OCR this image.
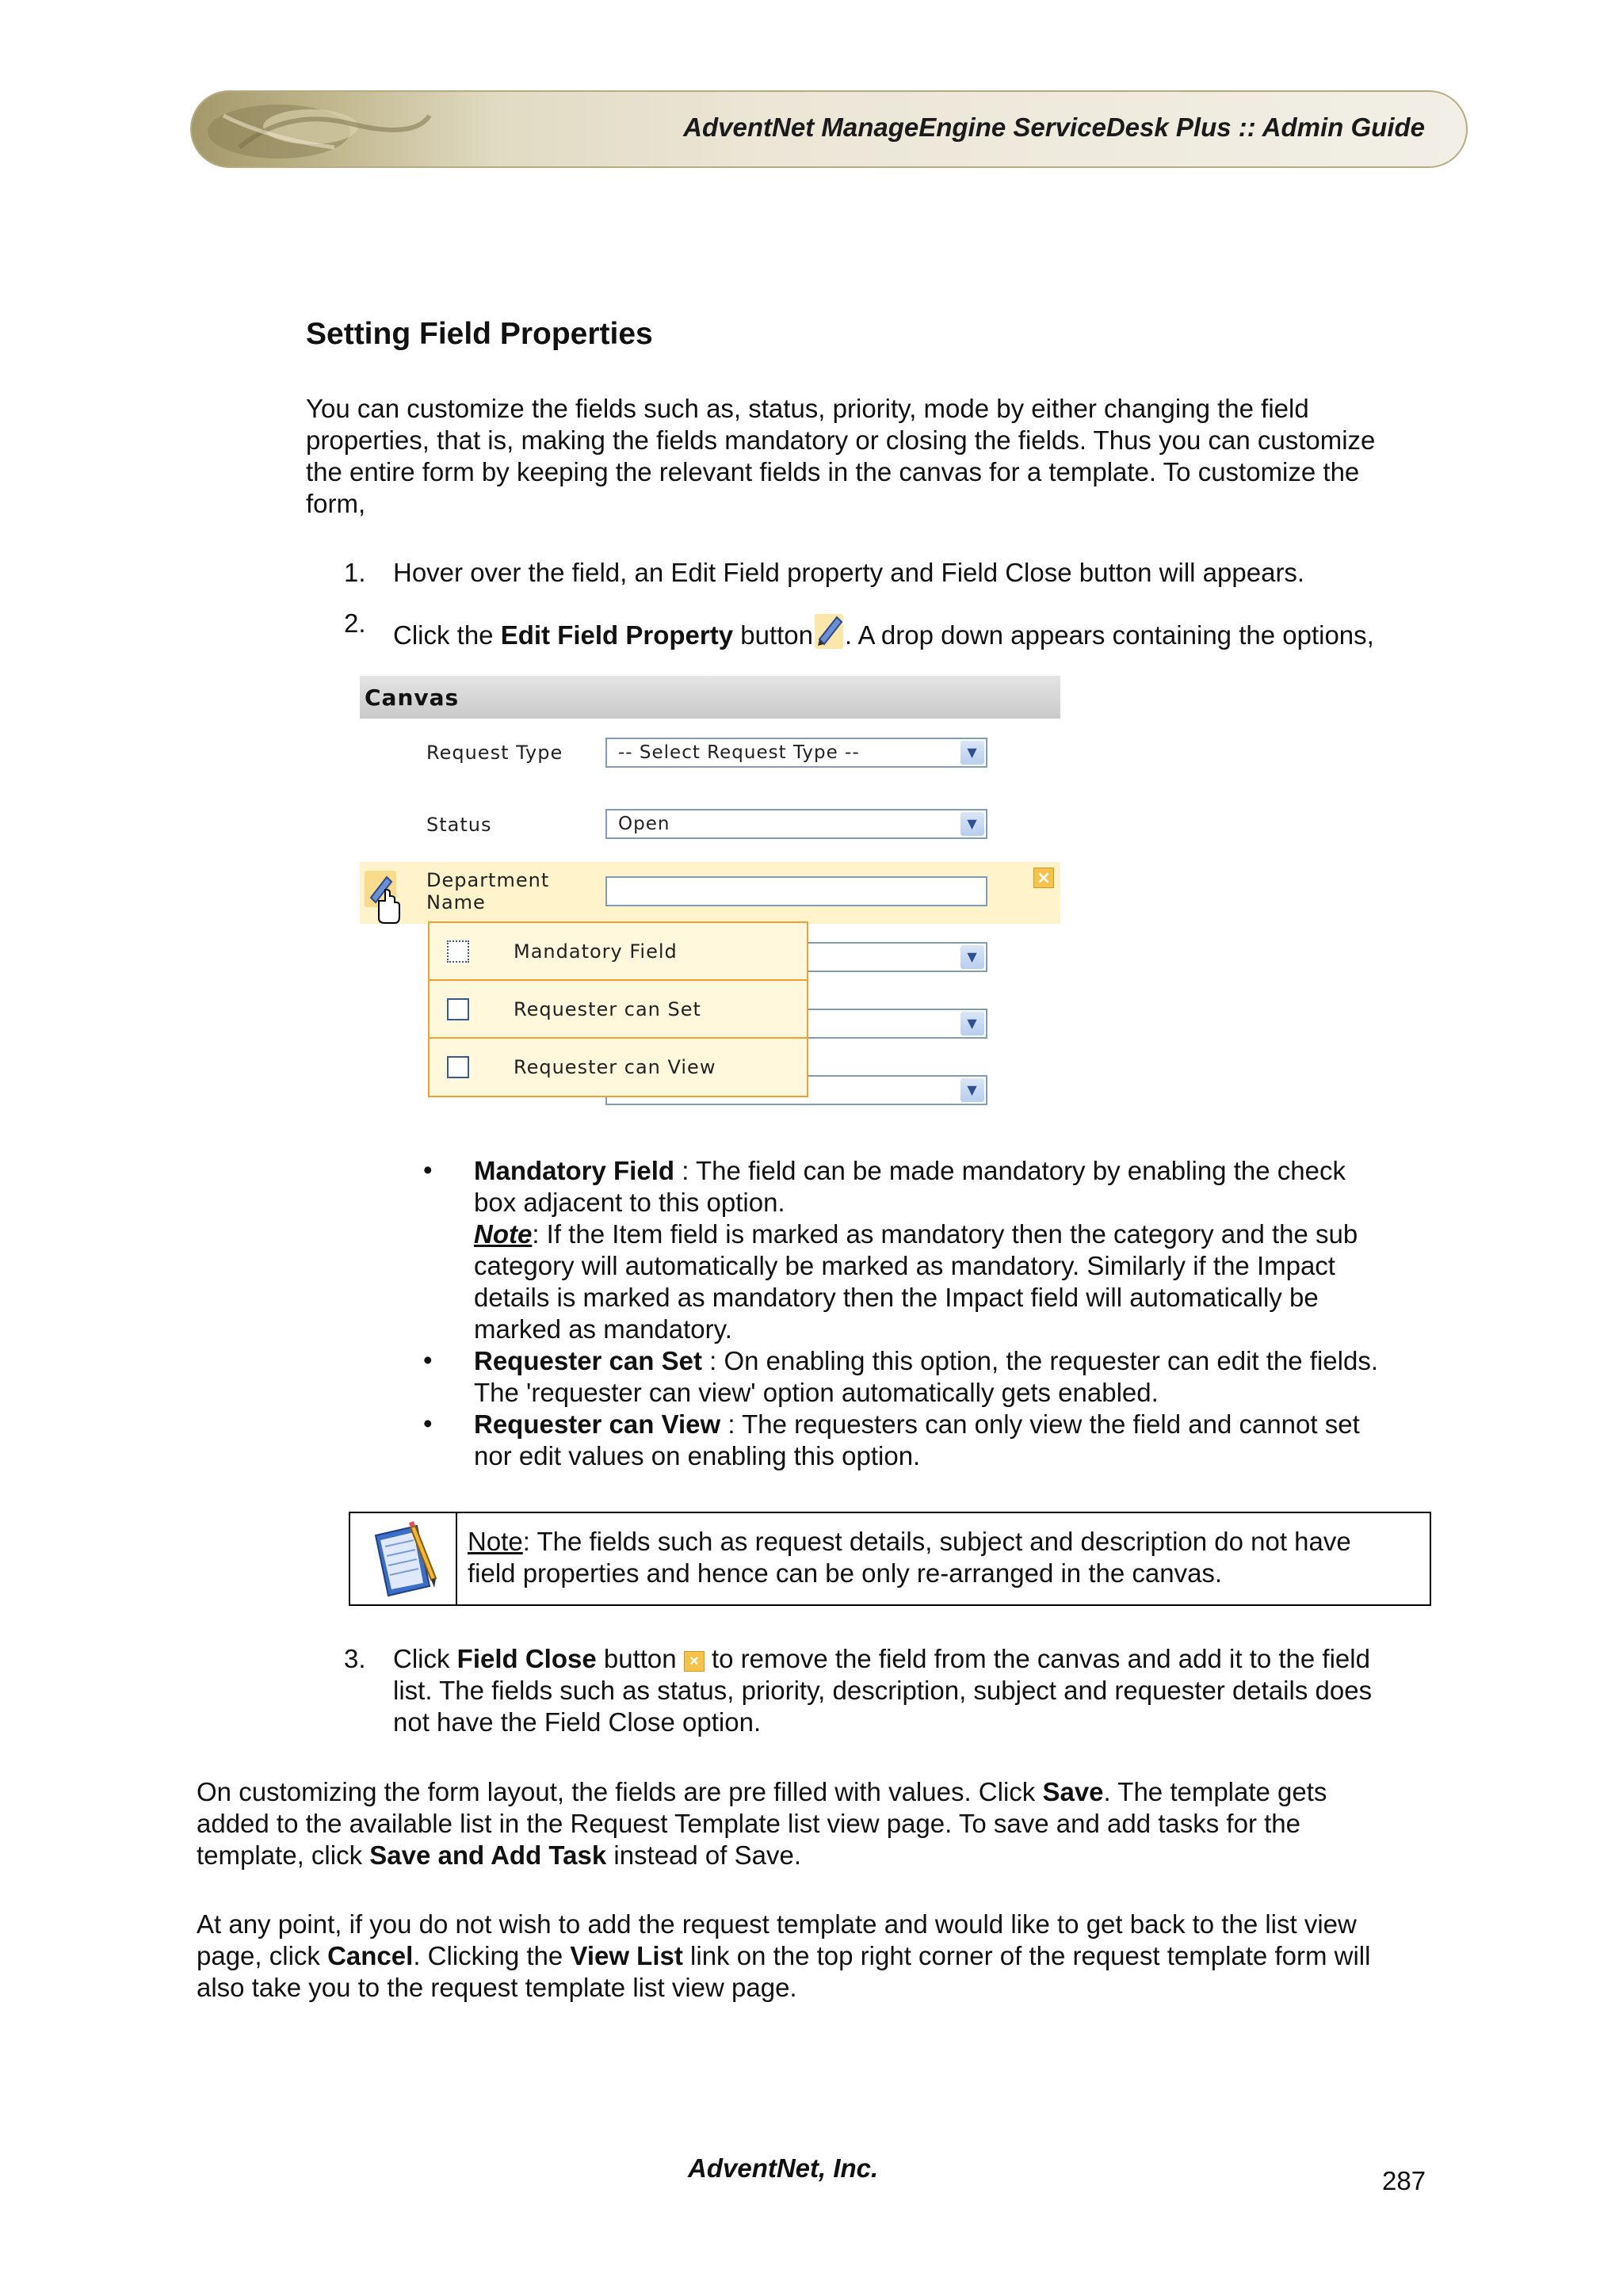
AdventNet ManageEngine ServiceDesk Plus :: Admin Guide
Setting Field Properties
You can customize the fields such as, status, priority, mode by either changing the field
properties, that is, making the fields mandatory or closing the fields. Thus you can customize
the entire form by keeping the relevant fields in the canvas for a template. To customize the
form,
1. Hover over the field, an Edit Field property and Field Close button will appears.
2. Click the Edit Field Property button . A drop down appears containing the options,
Canvas
Request Type	-- Select Request Type --	▼
Status	Open	▼
Department
Name
×
▼
▼
▼
Mandatory Field
Requester can Set
Requester can View
• Mandatory Field : The field can be made mandatory by enabling the check
box adjacent to this option.
Note: If the Item field is marked as mandatory then the category and the sub
category will automatically be marked as mandatory. Similarly if the Impact
details is marked as mandatory then the Impact field will automatically be
marked as mandatory.
• Requester can Set : On enabling this option, the requester can edit the fields.
The 'requester can view' option automatically gets enabled.
• Requester can View : The requesters can only view the field and cannot set
nor edit values on enabling this option.
Note: The fields such as request details, subject and description do not have
field properties and hence can be only re-arranged in the canvas.
3. Click Field Close button × to remove the field from the canvas and add it to the field
list. The fields such as status, priority, description, subject and requester details does
not have the Field Close option.
On customizing the form layout, the fields are pre filled with values. Click Save. The template gets
added to the available list in the Request Template list view page. To save and add tasks for the
template, click Save and Add Task instead of Save.
At any point, if you do not wish to add the request template and would like to get back to the list view
page, click Cancel. Clicking the View List link on the top right corner of the request template form will
also take you to the request template list view page.
AdventNet, Inc.	287
